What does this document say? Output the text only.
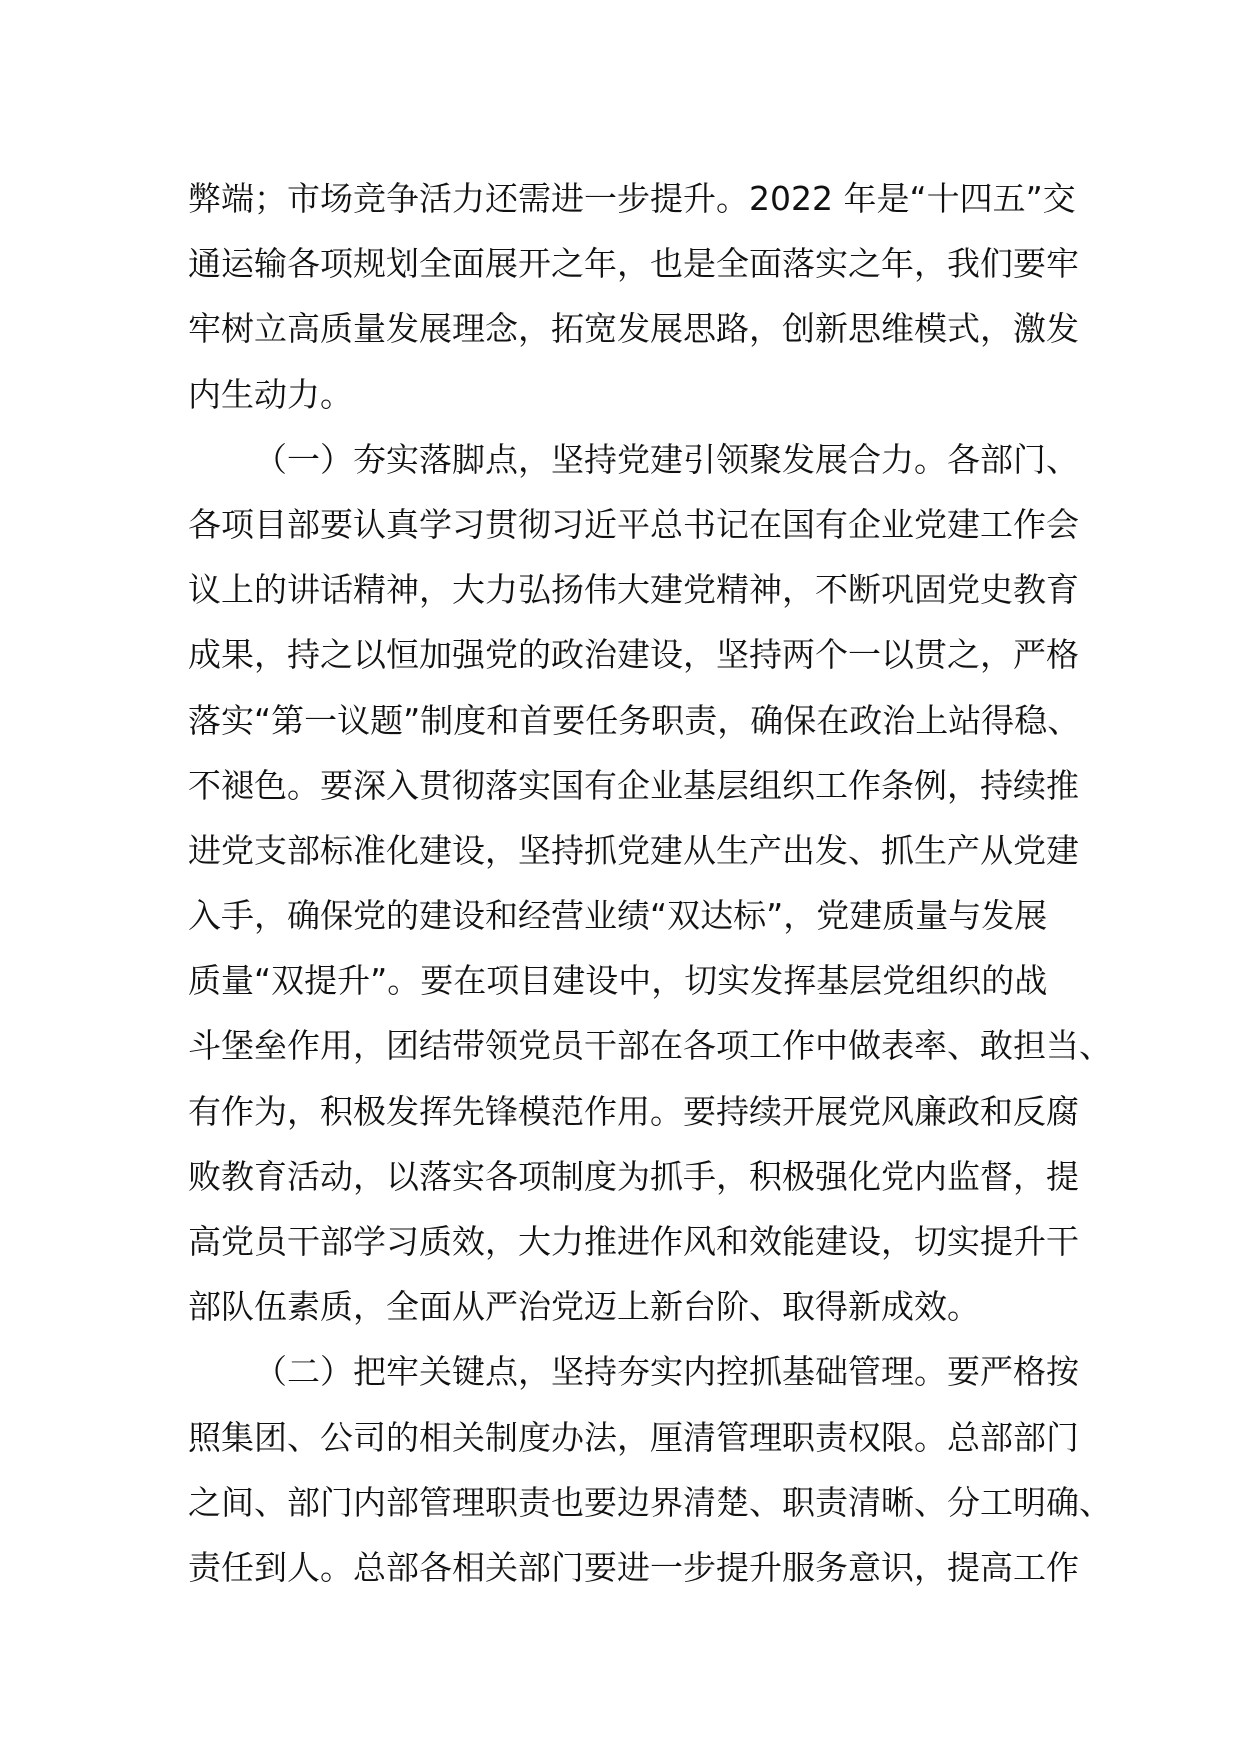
弊端；市场竞争活力还需进一步提升。2022 年是“十四五”交
通运输各项规划全面展开之年，也是全面落实之年，我们要牢
牢树立高质量发展理念，拓宽发展思路，创新思维模式，激发
内生动力。
（一）夯实落脚点，坚持党建引领聚发展合力。各部门、
各项目部要认真学习贯彻习近平总书记在国有企业党建工作会
议上的讲话精神，大力弘扬伟大建党精神，不断巩固党史教育
成果，持之以恒加强党的政治建设，坚持两个一以贯之，严格
落实“第一议题”制度和首要任务职责，确保在政治上站得稳、
不褪色。要深入贯彻落实国有企业基层组织工作条例，持续推
进党支部标准化建设，坚持抓党建从生产出发、抓生产从党建
入手，确保党的建设和经营业绩“双达标”，党建质量与发展
质量“双提升”。要在项目建设中，切实发挥基层党组织的战
斗堡垒作用，团结带领党员干部在各项工作中做表率、敢担当、
有作为，积极发挥先锋模范作用。要持续开展党风廉政和反腐
败教育活动，以落实各项制度为抓手，积极强化党内监督，提
高党员干部学习质效，大力推进作风和效能建设，切实提升干
部队伍素质，全面从严治党迈上新台阶、取得新成效。
（二）把牢关键点，坚持夯实内控抓基础管理。要严格按
照集团、公司的相关制度办法，厘清管理职责权限。总部部门
之间、部门内部管理职责也要边界清楚、职责清晰、分工明确、
责任到人。总部各相关部门要进一步提升服务意识，提高工作
